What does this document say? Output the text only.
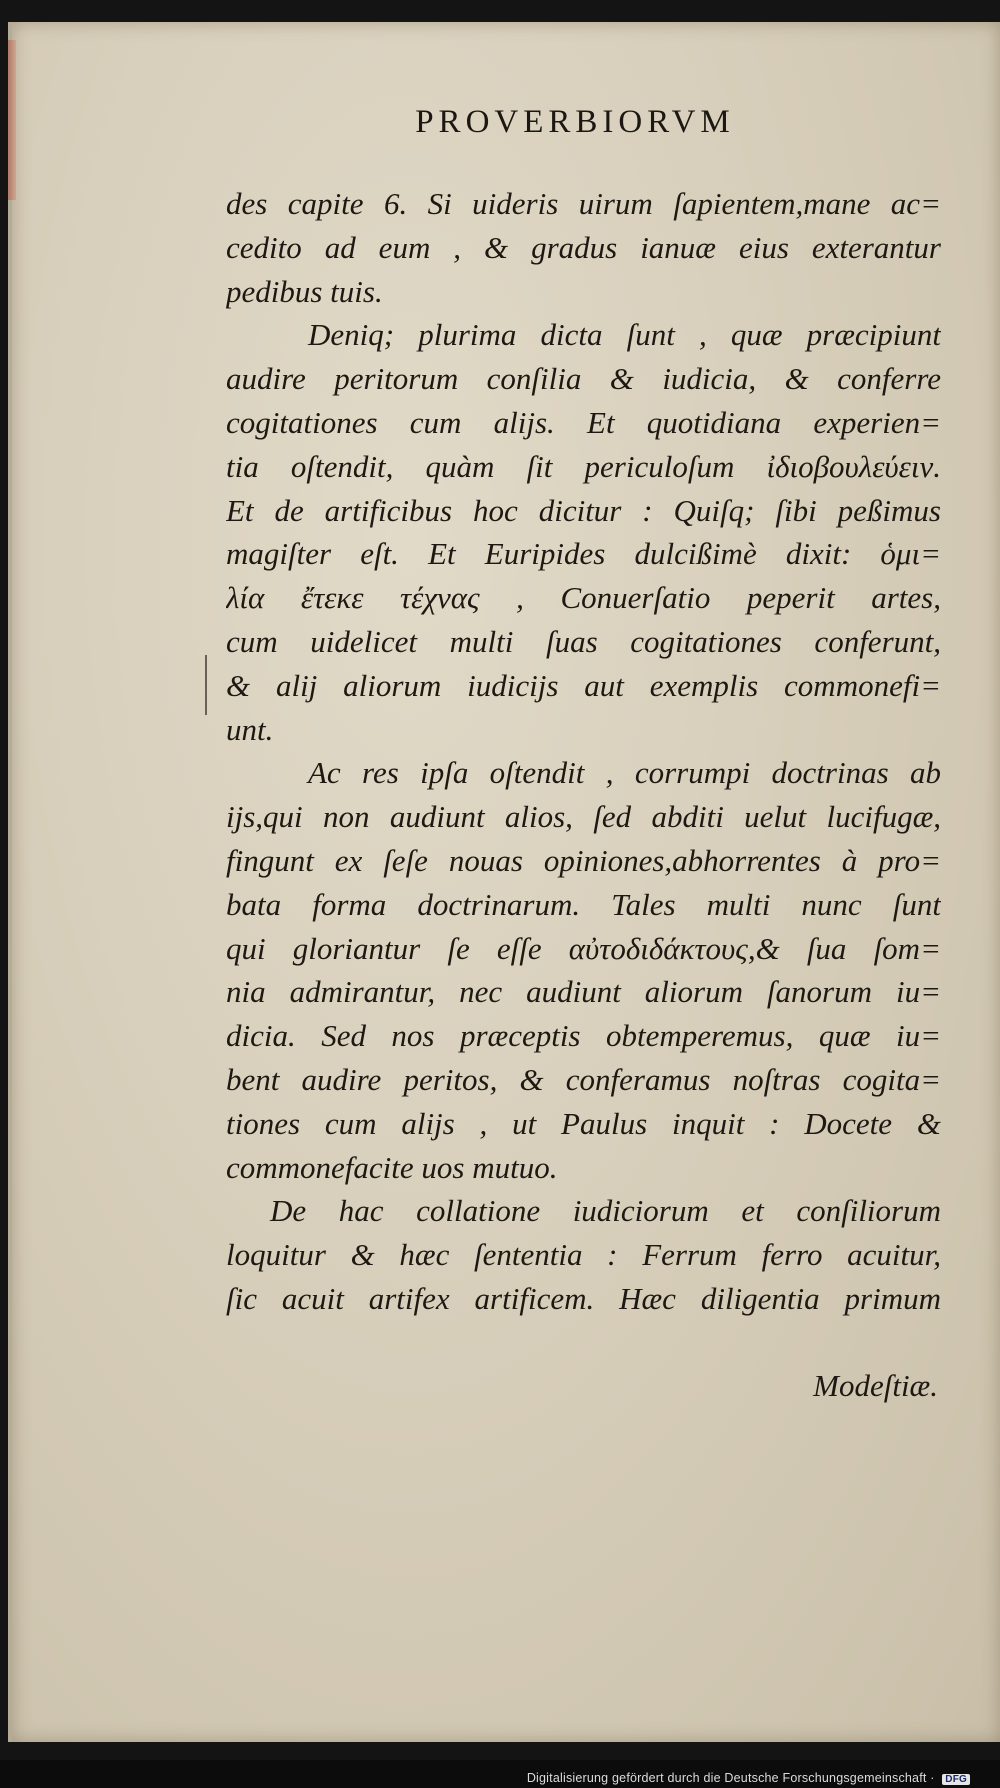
PROVERBIORVM
des capite 6. Si uideris uirum ſapientem,mane ac=
cedito ad eum , & gradus ianuæ eius exterantur
pedibus tuis.
Deniq; plurima dicta ſunt , quæ præcipiunt
audire peritorum conſilia & iudicia, & conferre
cogitationes cum alijs. Et quotidiana experien=
tia oſtendit, quàm ſit periculoſum ἰδιοβουλεύειν.
Et de artificibus hoc dicitur : Quiſq; ſibi peßimus
magiſter eſt. Et Euripides dulcißimè dixit: ὁμι=
λία ἔτεκε τέχνας , Conuerſatio peperit artes,
cum uidelicet multi ſuas cogitationes conferunt,
& alij aliorum iudicijs aut exemplis commonefi=
unt.
Ac res ipſa oſtendit , corrumpi doctrinas ab
ijs,qui non audiunt alios, ſed abditi uelut lucifugæ,
fingunt ex ſeſe nouas opiniones,abhorrentes à pro=
bata forma doctrinarum. Tales multi nunc ſunt
qui gloriantur ſe eſſe αὐτοδιδάκτους,& ſua ſom=
nia admirantur, nec audiunt aliorum ſanorum iu=
dicia. Sed nos præceptis obtemperemus, quæ iu=
bent audire peritos, & conferamus noſtras cogita=
tiones cum alijs , ut Paulus inquit : Docete &
commonefacite uos mutuo.
De hac collatione iudiciorum et conſiliorum
loquitur & hæc ſententia : Ferrum ferro acuitur,
ſic acuit artifex artificem. Hæc diligentia primum
Modeſtiæ.
Digitalisierung gefördert durch die Deutsche Forschungsgemeinschaft · DFG
